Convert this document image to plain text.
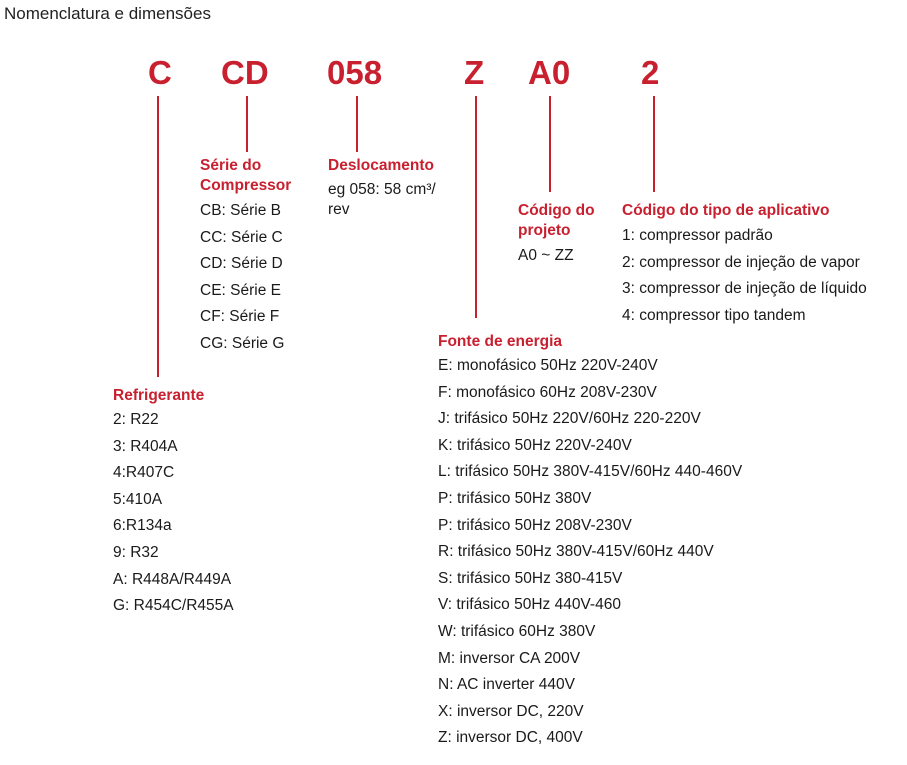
Nomenclatura e dimensões
C CD 058 Z A0 2
Série do
Compressor
CB: Série B
CC: Série C
CD: Série D
CE: Série E
CF: Série F
CG: Série G
Deslocamento
eg 058: 58 cm³/
rev	Código do
projeto
A0 ~ ZZ
Código do tipo de aplicativo
1: compressor padrão
2: compressor de injeção de vapor
3: compressor de injeção de líquido
4: compressor tipo tandem
Fonte de energia
E: monofásico 50Hz 220V-240V
F: monofásico 60Hz 208V-230V
J: trifásico 50Hz 220V/60Hz 220-220V
K: trifásico 50Hz 220V-240V
L: trifásico 50Hz 380V-415V/60Hz 440-460V
P: trifásico 50Hz 380V
P: trifásico 50Hz 208V-230V
R: trifásico 50Hz 380V-415V/60Hz 440V
S: trifásico 50Hz 380-415V
V: trifásico 50Hz 440V-460
W: trifásico 60Hz 380V
M: inversor CA 200V
N: AC inverter 440V
X: inversor DC, 220V
Z: inversor DC, 400V
Refrigerante
2: R22
3: R404A
4:R407C
5:410A
6:R134a
9: R32
A: R448A/R449A
G: R454C/R455A
